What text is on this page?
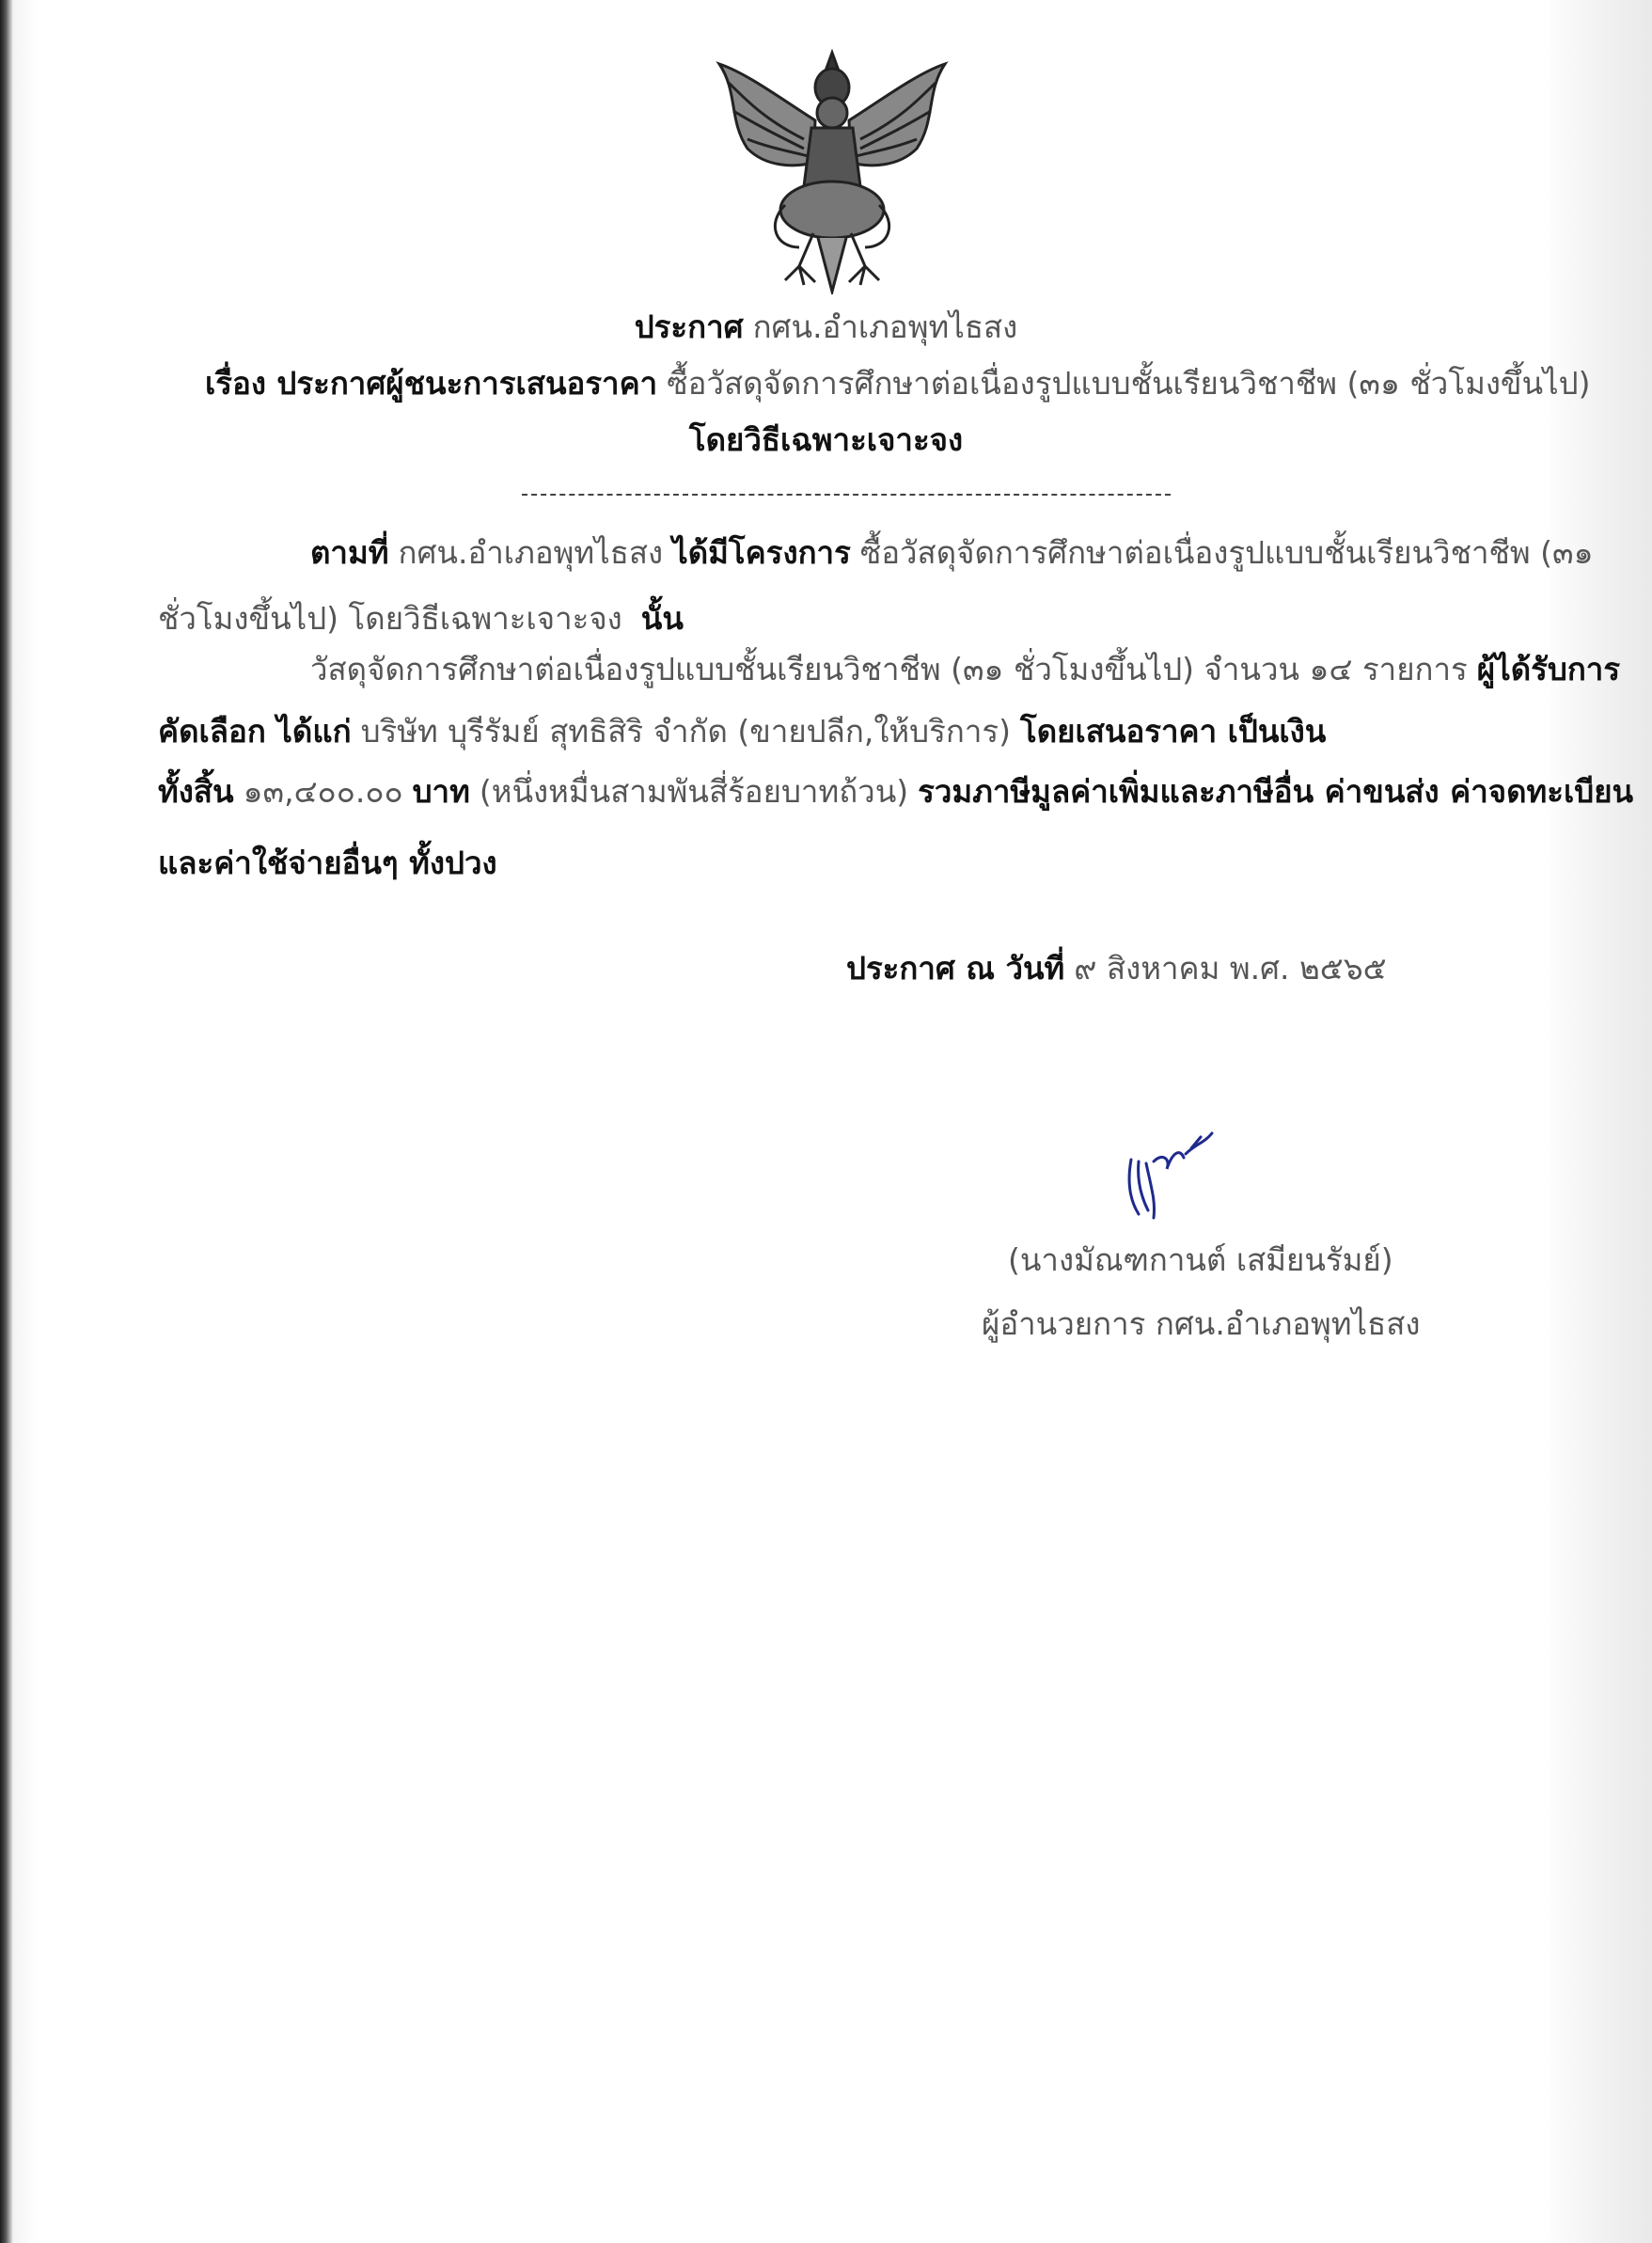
ประกาศ กศน.อำเภอพุทไธสง
เรื่อง ประกาศผู้ชนะการเสนอราคา ซื้อวัสดุจัดการศึกษาต่อเนื่องรูปแบบชั้นเรียนวิชาชีพ (๓๑ ชั่วโมงขึ้นไป)
โดยวิธีเฉพาะเจาะจง
ตามที่ กศน.อำเภอพุทไธสง ได้มีโครงการ ซื้อวัสดุจัดการศึกษาต่อเนื่องรูปแบบชั้นเรียนวิชาชีพ (๓๑
ชั่วโมงขึ้นไป) โดยวิธีเฉพาะเจาะจง นั้น
วัสดุจัดการศึกษาต่อเนื่องรูปแบบชั้นเรียนวิชาชีพ (๓๑ ชั่วโมงขึ้นไป) จำนวน ๑๔ รายการ ผู้ได้รับการ
คัดเลือก ได้แก่ บริษัท บุรีรัมย์ สุทธิสิริ จำกัด (ขายปลีก,ให้บริการ) โดยเสนอราคา เป็นเงิน
ทั้งสิ้น ๑๓,๔๐๐.๐๐ บาท (หนึ่งหมื่นสามพันสี่ร้อยบาทถ้วน) รวมภาษีมูลค่าเพิ่มและภาษีอื่น ค่าขนส่ง ค่าจดทะเบียน
และค่าใช้จ่ายอื่นๆ ทั้งปวง
ประกาศ ณ วันที่ ๙ สิงหาคม พ.ศ. ๒๕๖๕
(นางมัณฑกานต์ เสมียนรัมย์)
ผู้อำนวยการ กศน.อำเภอพุทไธสง
